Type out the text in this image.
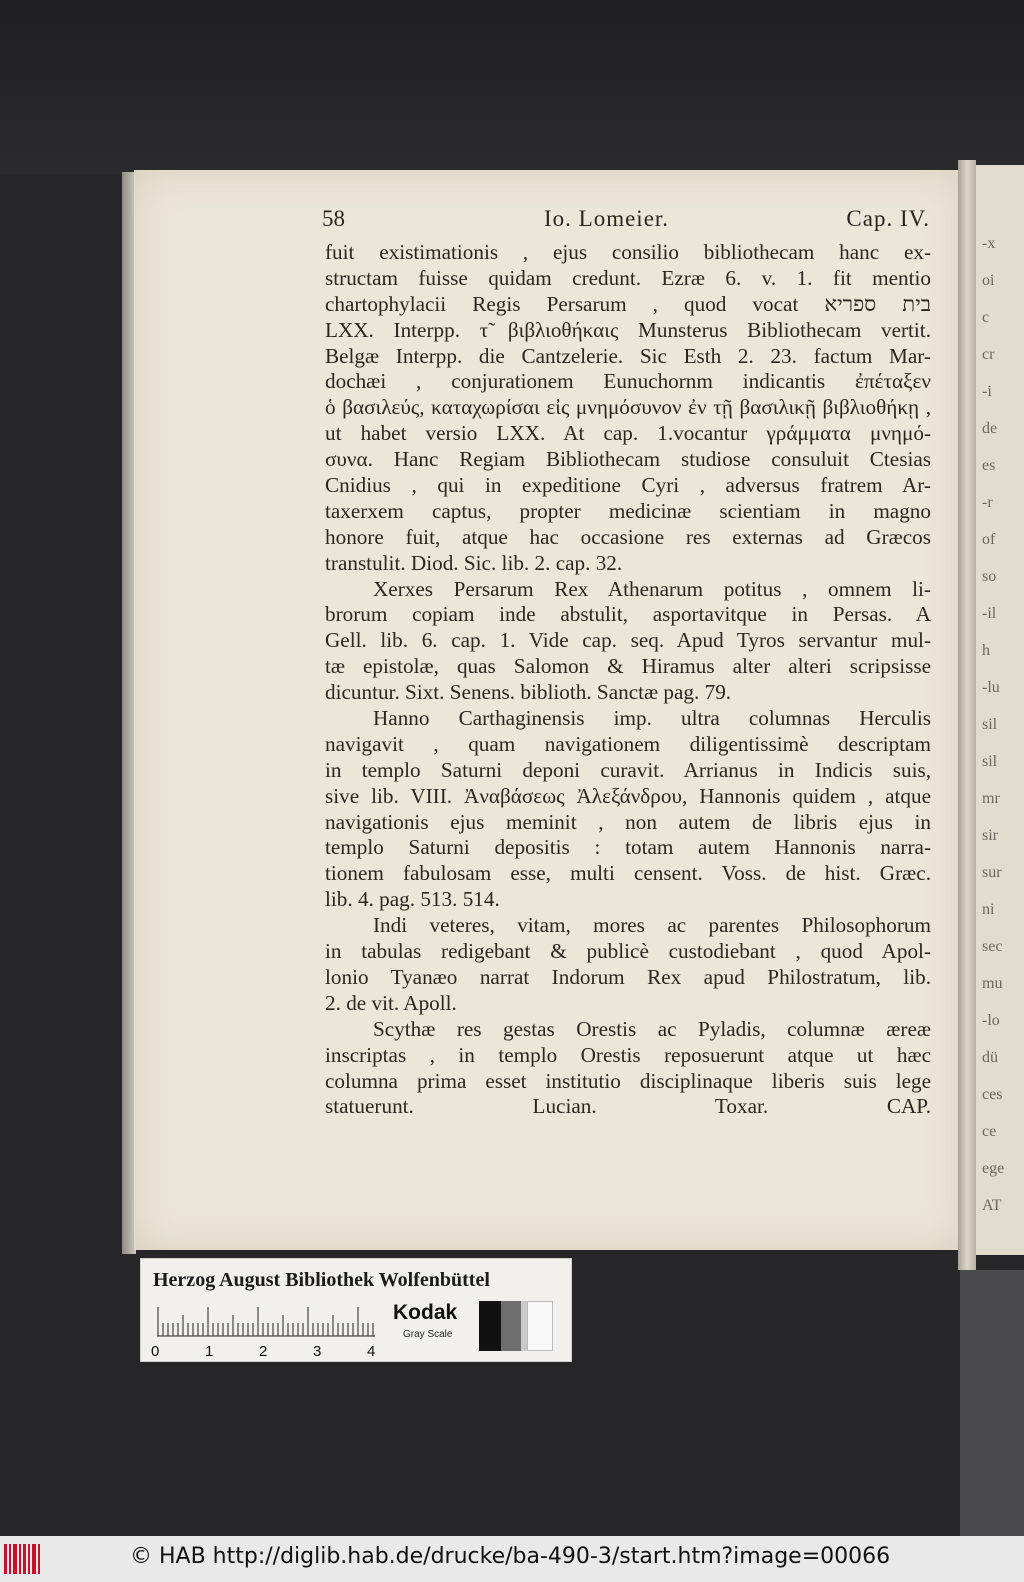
-x
oi
c
cr
-i
de
es
-r
of
so
-il
h
-lu
sil
sil
mr
sir
sur
ni
sec
mu
-lo
dü
ces
ce
ege
AT
58	Io. Lomeier.	Cap. IV.
fuit existimationis , ejus consilio bibliothecam hanc ex-
structam fuisse quidam credunt. Ezræ 6. v. 1. fit mentio
chartophylacii Regis Persarum , quod vocat בית ספריא
LXX. Interpp. τ̃ βιβλιοθήκαις Munsterus Bibliothecam vertit.
Belgæ Interpp. die Cantzelerie. Sic Esth 2. 23. factum Mar-
dochæi , conjurationem Eunuchornm indicantis ἐπέταξεν
ὁ βασιλεύς, καταχωρίσαι εἰς μνημόσυνον ἐν τῇ βασιλικῇ βιβλιοθήκῃ ,
ut habet versio LXX. At cap. 1.vocantur γράμματα μνημό-
συνα. Hanc Regiam Bibliothecam studiose consuluit Ctesias
Cnidius , qui in expeditione Cyri , adversus fratrem Ar-
taxerxem captus, propter medicinæ scientiam in magno
honore fuit, atque hac occasione res externas ad Græcos
transtulit. Diod. Sic. lib. 2. cap. 32.
Xerxes Persarum Rex Athenarum potitus , omnem li-
brorum copiam inde abstulit, asportavitque in Persas. A
Gell. lib. 6. cap. 1. Vide cap. seq. Apud Tyros servantur mul-
tæ epistolæ, quas Salomon & Hiramus alter alteri scripsisse
dicuntur. Sixt. Senens. biblioth. Sanctæ pag. 79.
Hanno Carthaginensis imp. ultra columnas Herculis
navigavit , quam navigationem diligentissimè descriptam
in templo Saturni deponi curavit. Arrianus in Indicis suis,
sive lib. VIII. Ἀναβάσεως Ἀλεξάνδρου, Hannonis quidem , atque
navigationis ejus meminit , non autem de libris ejus in
templo Saturni depositis : totam autem Hannonis narra-
tionem fabulosam esse, multi censent. Voss. de hist. Græc.
lib. 4. pag. 513. 514.
Indi veteres, vitam, mores ac parentes Philosophorum
in tabulas redigebant & publicè custodiebant , quod Apol-
lonio Tyanæo narrat Indorum Rex apud Philostratum, lib.
2. de vit. Apoll.
Scythæ res gestas Orestis ac Pyladis, columnæ æreæ
inscriptas , in templo Orestis reposuerunt atque ut hæc
columna prima esset institutio disciplinaque liberis suis lege
statuerunt. Lucian. Toxar. CAP.
Herzog August Bibliothek Wolfenbüttel
0	1	2	3	4
Kodak
Gray Scale
© HAB http://diglib.hab.de/drucke/ba-490-3/start.htm?image=00066
